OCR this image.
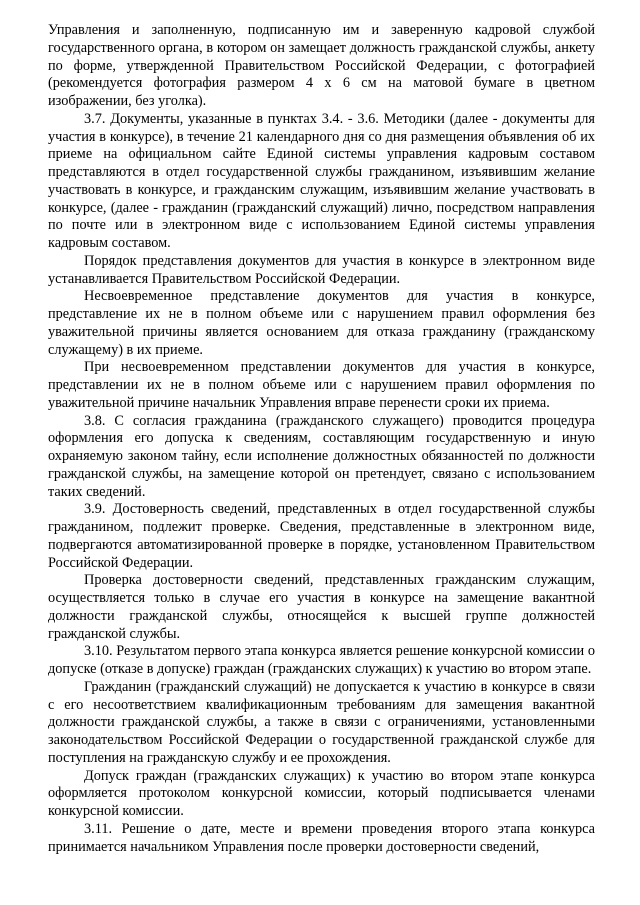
Управления и заполненную, подписанную им и заверенную кадровой службой государственного органа, в котором он замещает должность гражданской службы, анкету по форме, утвержденной Правительством Российской Федерации, с фотографией (рекомендуется фотография размером 4 х 6 см на матовой бумаге в цветном изображении, без уголка).

3.7. Документы, указанные в пунктах 3.4. - 3.6. Методики (далее - документы для участия в конкурсе), в течение 21 календарного дня со дня размещения объявления об их приеме на официальном сайте Единой системы управления кадровым составом представляются в отдел государственной службы гражданином, изъявившим желание участвовать в конкурсе, и гражданским служащим, изъявившим желание участвовать в конкурсе, (далее - гражданин (гражданский служащий) лично, посредством направления по почте или в электронном виде с использованием Единой системы управления кадровым составом.

Порядок представления документов для участия в конкурсе в электронном виде устанавливается Правительством Российской Федерации.

Несвоевременное представление документов для участия в конкурсе, представление их не в полном объеме или с нарушением правил оформления без уважительной причины является основанием для отказа гражданину (гражданскому служащему) в их приеме.

При несвоевременном представлении документов для участия в конкурсе, представлении их не в полном объеме или с нарушением правил оформления по уважительной причине начальник Управления вправе перенести сроки их приема.

3.8. С согласия гражданина (гражданского служащего) проводится процедура оформления его допуска к сведениям, составляющим государственную и иную охраняемую законом тайну, если исполнение должностных обязанностей по должности гражданской службы, на замещение которой он претендует, связано с использованием таких сведений.

3.9. Достоверность сведений, представленных в отдел государственной службы гражданином, подлежит проверке. Сведения, представленные в электронном виде, подвергаются автоматизированной проверке в порядке, установленном Правительством Российской Федерации.

Проверка достоверности сведений, представленных гражданским служащим, осуществляется только в случае его участия в конкурсе на замещение вакантной должности гражданской службы, относящейся к высшей группе должностей гражданской службы.

3.10. Результатом первого этапа конкурса является решение конкурсной комиссии о допуске (отказе в допуске) граждан (гражданских служащих) к участию во втором этапе.

Гражданин (гражданский служащий) не допускается к участию в конкурсе в связи с его несоответствием квалификационным требованиям для замещения вакантной должности гражданской службы, а также в связи с ограничениями, установленными законодательством Российской Федерации о государственной гражданской службе для поступления на гражданскую службу и ее прохождения.

Допуск граждан (гражданских служащих) к участию во втором этапе конкурса оформляется протоколом конкурсной комиссии, который подписывается членами конкурсной комиссии.

3.11. Решение о дате, месте и времени проведения второго этапа конкурса принимается начальником Управления после проверки достоверности сведений,
